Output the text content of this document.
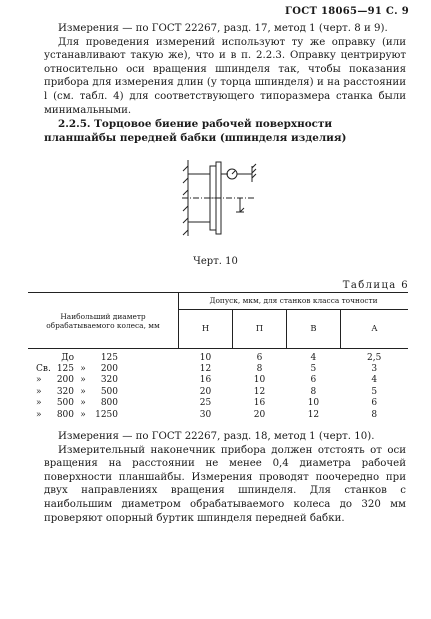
ГОСТ 18065—91 С. 9

Измерения — по ГОСТ 22267, разд. 17, метод 1 (черт. 8 и 9).

Для проведения измерений используют ту же оправку (или устанавливают такую же), что и в п. 2.2.3. Оправку центрируют относительно оси вращения шпинделя так, чтобы показания прибора для измерения длин (у торца шпинделя) и на расстоянии l (см. табл. 4) для соответствующего типоразмера станка были минимальными.

2.2.5. Торцовое биение рабочей поверхности планшайбы передней бабки (шпинделя изделия)
Черт. 10
Таблица 6
Наибольший диаметр обрабатываемого колеса, мм	Допуск, мкм, для станков класса точности			
	Н	П	В	А

До 125	10	6	4	2,5
Св. 125 » 200	12	8	5	3
» 200 » 320	16	10	6	4
» 320 » 500	20	12	8	5
» 500 » 800	25	16	10	6
» 800 » 1250	30	20	12	8

Измерения — по ГОСТ 22267, разд. 18, метод 1 (черт. 10).

Измерительный наконечник прибора должен отстоять от оси вращения на расстоянии не менее 0,4 диаметра рабочей поверхности планшайбы. Измерения проводят поочередно при двух направлениях вращения шпинделя. Для станков с наибольшим диаметром обрабатываемого колеса до 320 мм проверяют опорный буртик шпинделя передней бабки.
